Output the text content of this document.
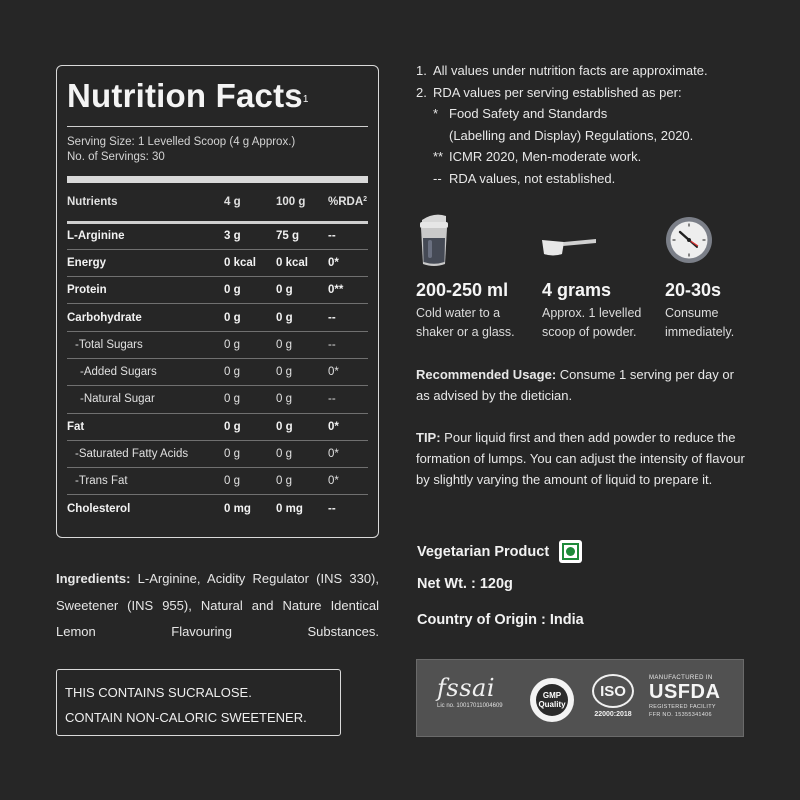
Nutrition Facts$^1$
Serving Size: 1 Levelled Scoop (4 g Approx.)
No. of Servings: 30
Nutrients	4 g	100 g	%RDA$^2$
L-Arginine	3 g	75 g	--
Energy	0 kcal	0 kcal	0*
Protein	0 g	0 g	0**
Carbohydrate	0 g	0 g	--
-Total Sugars	0 g	0 g	--
-Added Sugars	0 g	0 g	0*
-Natural Sugar	0 g	0 g	--
Fat	0 g	0 g	0*
-Saturated Fatty Acids	0 g	0 g	0*
-Trans Fat	0 g	0 g	0*
Cholesterol	0 mg	0 mg	--
Ingredients: L-Arginine, Acidity Regulator (INS 330), Sweetener (INS 955), Natural and Nature Identical Lemon Flavouring Substances.
THIS CONTAINS SUCRALOSE.
CONTAIN NON-CALORIC SWEETENER.
1. All values under nutrition facts are approximate.
2. RDA values per serving established as per:
* Food Safety and Standards
(Labelling and Display) Regulations, 2020.
** ICMR 2020, Men-moderate work.
-- RDA values, not established.
200-250 ml
Cold water to a
shaker or a glass.
4 grams
Approx. 1 levelled
scoop of powder.
20-30s
Consume
immediately.
Recommended Usage: Consume 1 serving per day or as advised by the dietician.
TIP: Pour liquid first and then add powder to reduce the formation of lumps. You can adjust the intensity of flavour by slightly varying the amount of liquid to prepare it.
Vegetarian Product
Net Wt. : 120g
Country of Origin : India
fssai
Lic no. 10017011004609
GMP Quality
ISO
22000:2018
MANUFACTURED IN
USFDA
REGISTERED FACILITY
FFR NO. 15355341406
